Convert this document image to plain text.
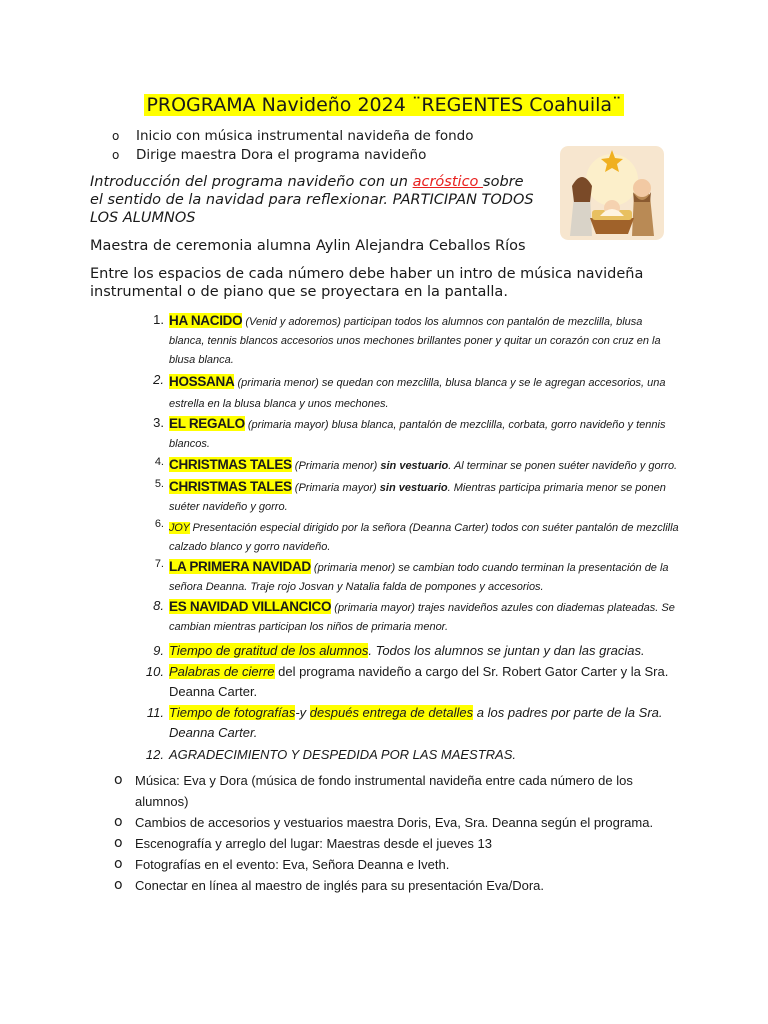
PROGRAMA Navideño 2024 ¨REGENTES Coahuila¨
o Inicio con música instrumental navideña de fondo
o Dirige maestra Dora el programa navideño
Introducción del programa navideño con un acróstico sobre el sentido de la navidad para reflexionar. PARTICIPAN TODOS LOS ALUMNOS
Maestra de ceremonia alumna Aylin Alejandra Ceballos Ríos
Entre los espacios de cada número debe haber un intro de música navideña instrumental o de piano que se proyectara en la pantalla.
1. HA NACIDO (Venid y adoremos) participan todos los alumnos con pantalón de mezclilla, blusa blanca, tennis blancos accesorios unos mechones brillantes poner y quitar un corazón con cruz en la blusa blanca.
2. HOSSANA (primaria menor) se quedan con mezclilla, blusa blanca y se le agregan accesorios, una estrella en la blusa blanca y unos mechones.
3. EL REGALO (primaria mayor) blusa blanca, pantalón de mezclilla, corbata, gorro navideño y tennis blancos.
4. CHRISTMAS TALES (Primaria menor) sin vestuario. Al terminar se ponen suéter navideño y gorro.
5. CHRISTMAS TALES (Primaria mayor) sin vestuario. Mientras participa primaria menor se ponen suéter navideño y gorro.
6. JOY Presentación especial dirigido por la señora (Deanna Carter) todos con suéter pantalón de mezclilla calzado blanco y gorro navideño.
7. LA PRIMERA NAVIDAD (primaria menor) se cambian todo cuando terminan la presentación de la señora Deanna. Traje rojo Josvan y Natalia falda de pompones y accesorios.
8. ES NAVIDAD VILLANCICO (primaria mayor) trajes navideños azules con diademas plateadas. Se cambian mientras participan los niños de primaria menor.
9. Tiempo de gratitud de los alumnos. Todos los alumnos se juntan y dan las gracias.
10. Palabras de cierre del programa navideño a cargo del Sr. Robert Gator Carter y la Sra. Deanna Carter.
11. Tiempo de fotografías-y después entrega de detalles a los padres por parte de la Sra. Deanna Carter.
12. AGRADECIMIENTO Y DESPEDIDA POR LAS MAESTRAS.
o Música: Eva y Dora (música de fondo instrumental navideña entre cada número de los alumnos)
o Cambios de accesorios y vestuarios maestra Doris, Eva, Sra. Deanna según el programa.
o Escenografía y arreglo del lugar: Maestras desde el jueves 13
o Fotografías en el evento: Eva, Señora Deanna e Iveth.
o Conectar en línea al maestro de inglés para su presentación Eva/Dora.
